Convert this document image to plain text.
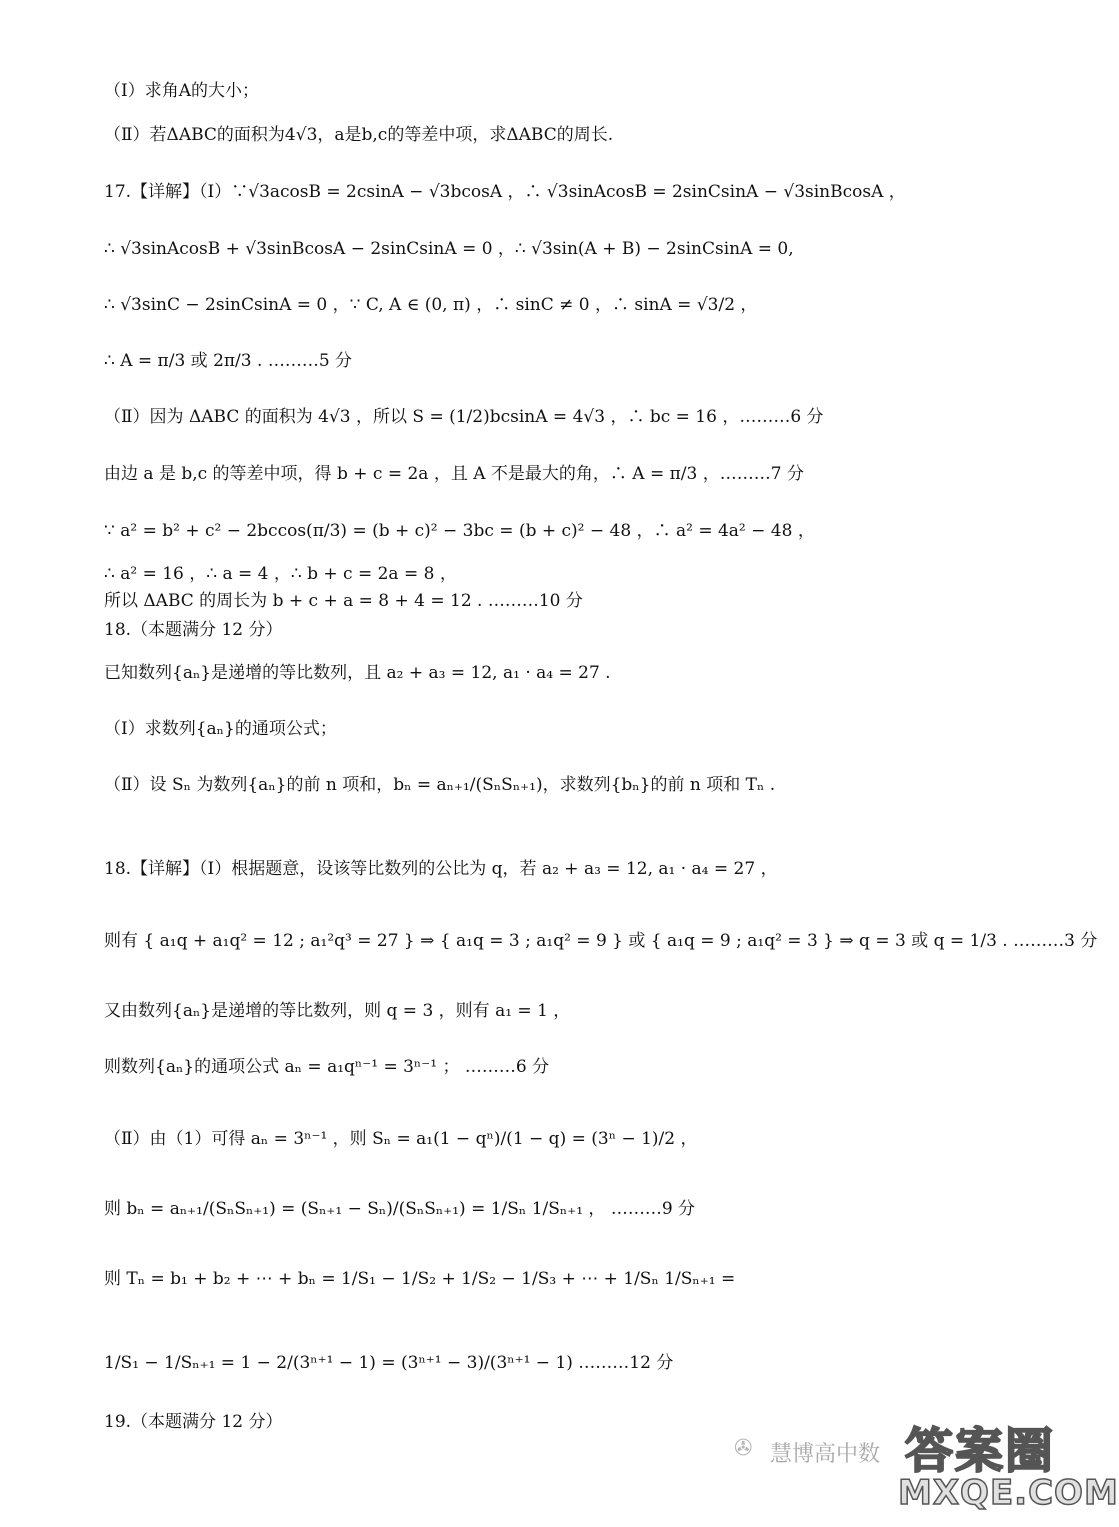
（Ⅰ）求角A的大小；
（Ⅱ）若ΔABC的面积为4√3，a是b,c的等差中项，求ΔABC的周长.
17.【详解】（Ⅰ）∵√3acosB = 2csinA − √3bcosA ，∴ √3sinAcosB = 2sinCsinA − √3sinBcosA ，
∴ √3sinAcosB + √3sinBcosA − 2sinCsinA = 0 ，∴ √3sin(A + B) − 2sinCsinA = 0,
∴ √3sinC − 2sinCsinA = 0 ，∵ C, A ∈ (0, π) ，∴ sinC ≠ 0 ，∴ sinA = √3/2 ，
∴ A = π/3 或 2π/3 . ………5 分
（Ⅱ）因为 ΔABC 的面积为 4√3 ，所以 S = (1/2)bcsinA = 4√3 ，∴ bc = 16 ，………6 分
由边 a 是 b,c 的等差中项，得 b + c = 2a ，且 A 不是最大的角，∴ A = π/3 ，………7 分
∵ a² = b² + c² − 2bccos(π/3) = (b + c)² − 3bc = (b + c)² − 48 ，∴ a² = 4a² − 48 ，
∴ a² = 16 ，∴ a = 4 ，∴ b + c = 2a = 8 ，
所以 ΔABC 的周长为 b + c + a = 8 + 4 = 12 . ………10 分
18.（本题满分 12 分）
已知数列{aₙ}是递增的等比数列，且 a₂ + a₃ = 12, a₁ · a₄ = 27 .
（Ⅰ）求数列{aₙ}的通项公式；
（Ⅱ）设 Sₙ 为数列{aₙ}的前 n 项和，bₙ = aₙ₊₁/(SₙSₙ₊₁)，求数列{bₙ}的前 n 项和 Tₙ .
18.【详解】（Ⅰ）根据题意，设该等比数列的公比为 q，若 a₂ + a₃ = 12, a₁ · a₄ = 27 ，
则有 { a₁q + a₁q² = 12 ; a₁²q³ = 27 } ⇒ { a₁q = 3 ; a₁q² = 9 } 或 { a₁q = 9 ; a₁q² = 3 } ⇒ q = 3 或 q = 1/3 . ………3 分
又由数列{aₙ}是递增的等比数列，则 q = 3 ，则有 a₁ = 1 ，
则数列{aₙ}的通项公式 aₙ = a₁qⁿ⁻¹ = 3ⁿ⁻¹ ； ………6 分
（Ⅱ）由（1）可得 aₙ = 3ⁿ⁻¹ ，则 Sₙ = a₁(1 − qⁿ)/(1 − q) = (3ⁿ − 1)/2 ，
则 bₙ = aₙ₊₁/(SₙSₙ₊₁) = (Sₙ₊₁ − Sₙ)/(SₙSₙ₊₁) = 1/Sₙ 1/Sₙ₊₁ ， ………9 分
则 Tₙ = b₁ + b₂ + ⋯ + bₙ = 1/S₁ − 1/S₂ + 1/S₂ − 1/S₃ + ⋯ + 1/Sₙ 1/Sₙ₊₁ =
1/S₁ − 1/Sₙ₊₁ = 1 − 2/(3ⁿ⁺¹ − 1) = (3ⁿ⁺¹ − 3)/(3ⁿ⁺¹ − 1) ………12 分
19.（本题满分 12 分）
✇ 慧博高中数 答案圈
MXQE.COM
